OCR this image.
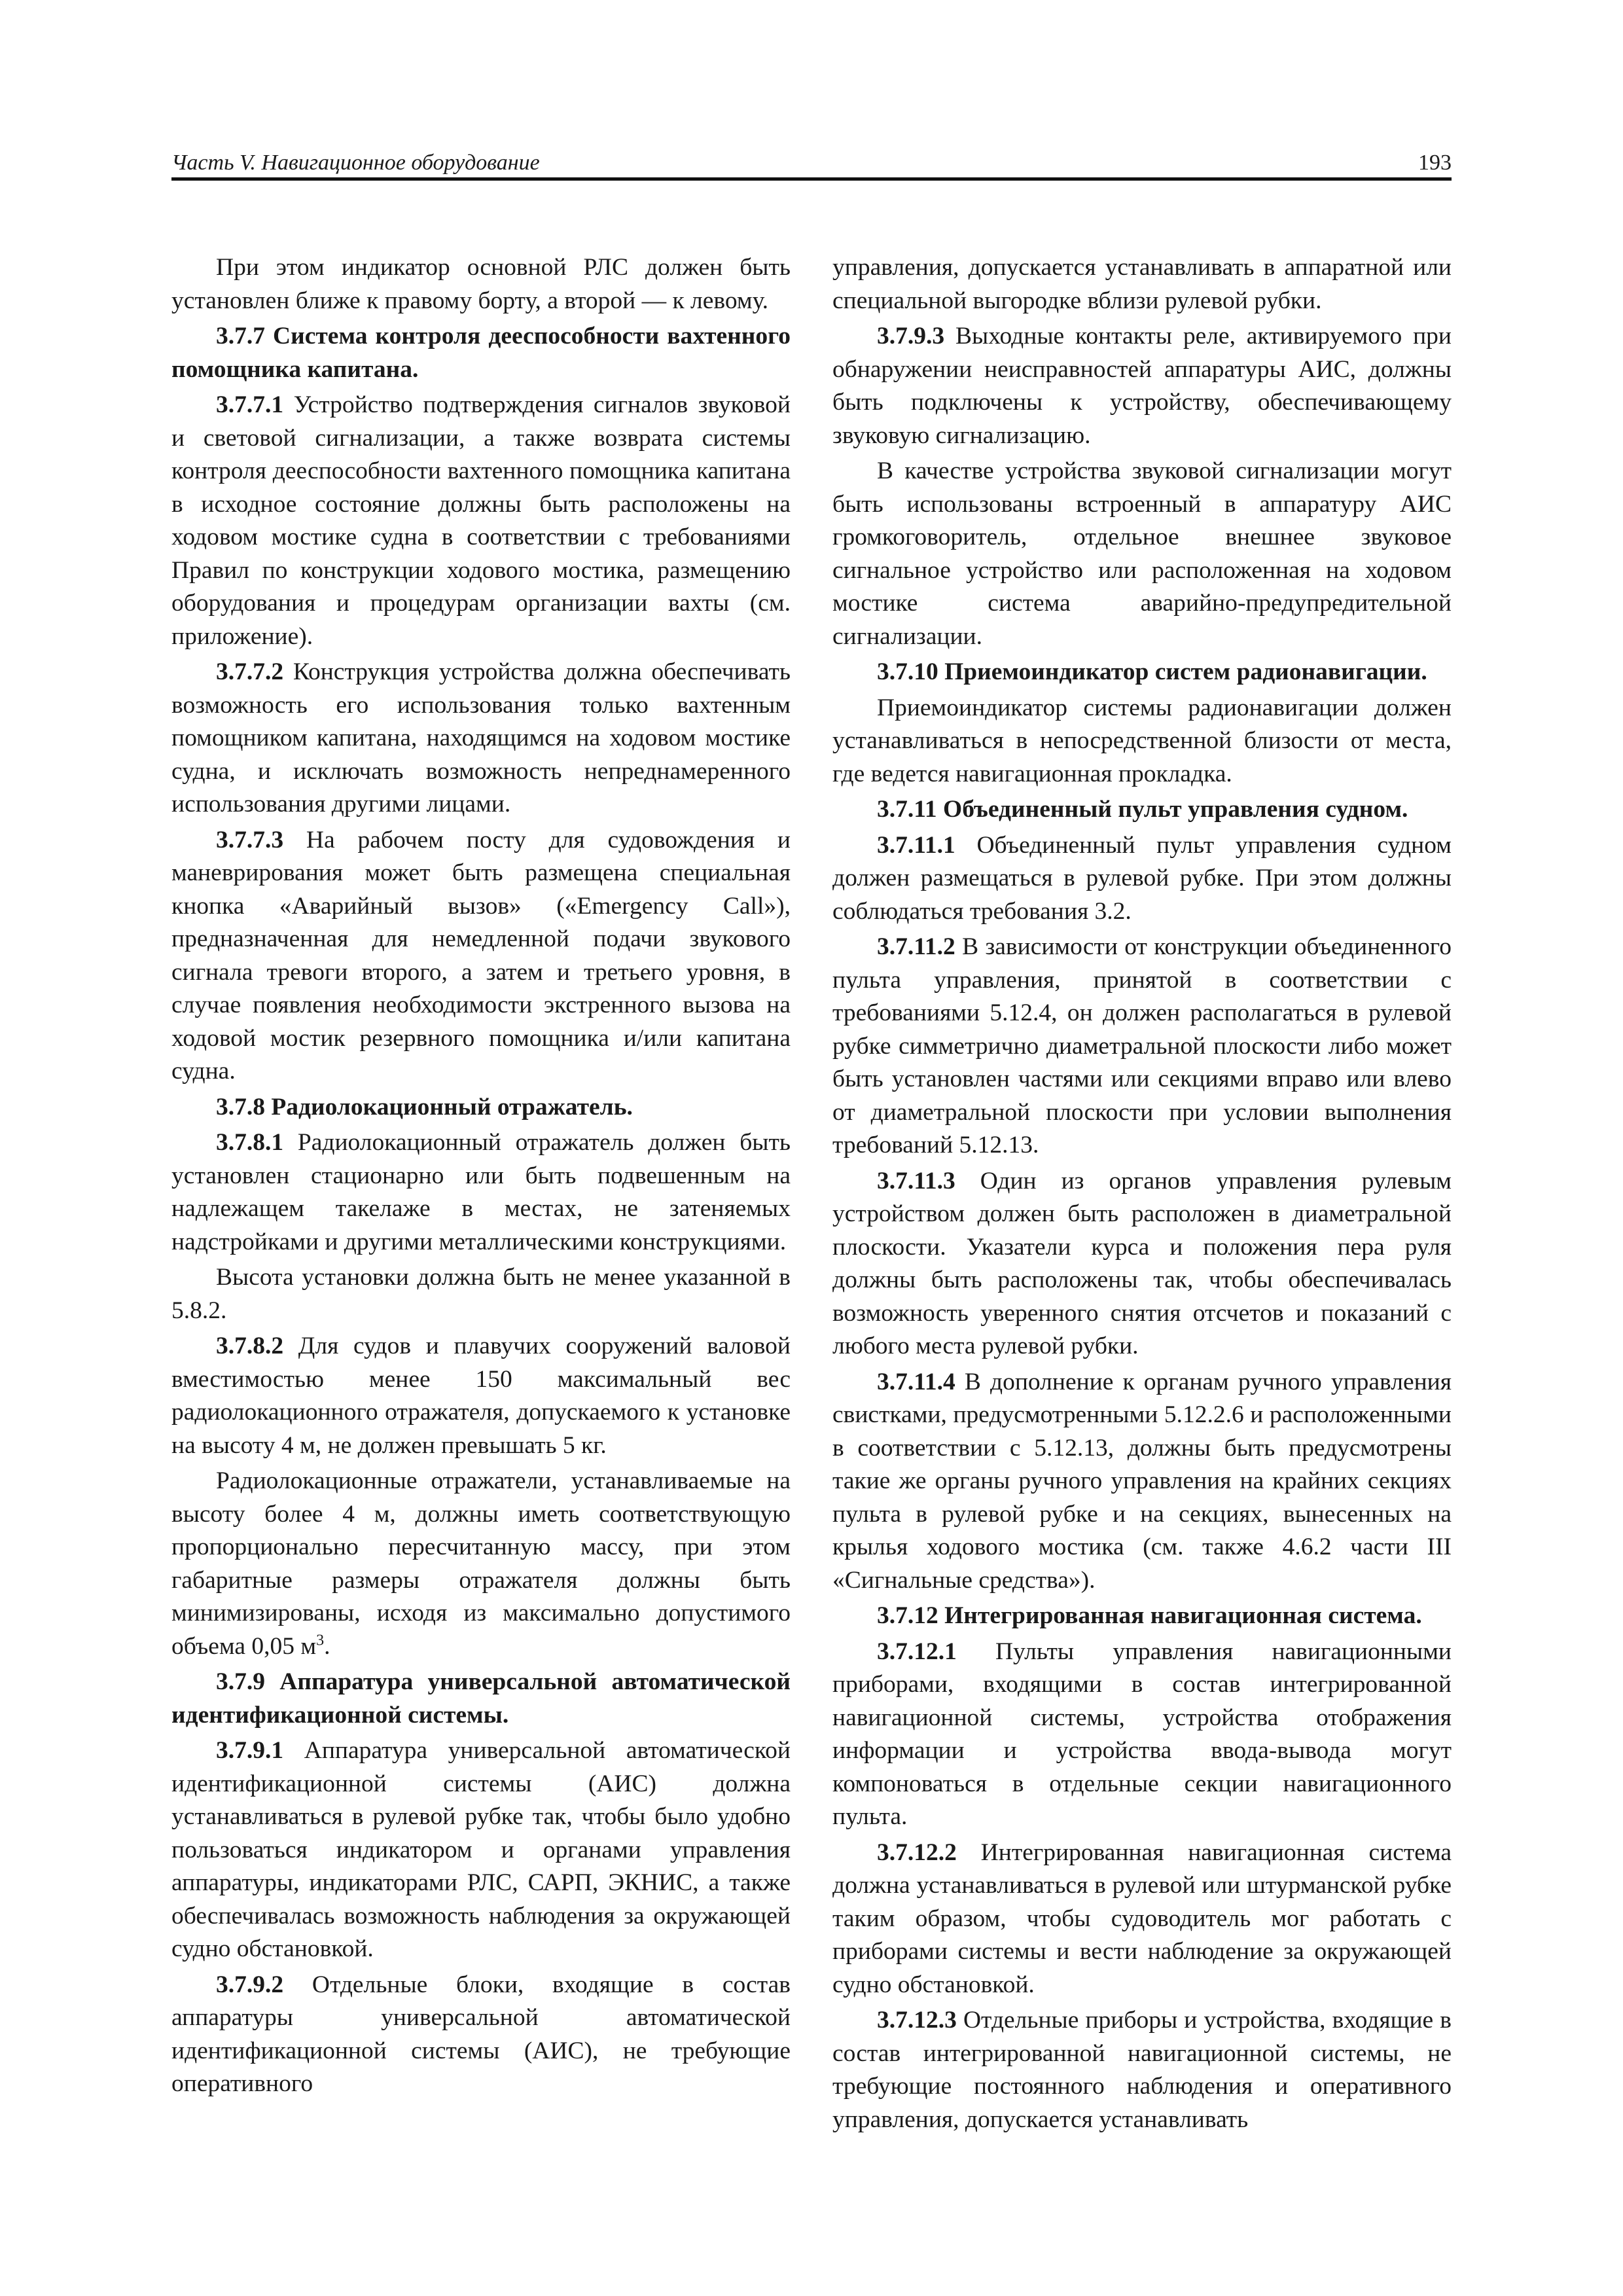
Часть V. Навигационное оборудование	193

При этом индикатор основной РЛС должен быть установлен ближе к правому борту, а второй — к левому.

3.7.7 Система контроля дееспособности вахтенного помощника капитана.

3.7.7.1 Устройство подтверждения сигналов звуковой и световой сигнализации, а также возврата системы контроля дееспособности вахтенного помощника капитана в исходное состояние должны быть расположены на ходовом мостике судна в соответствии с требованиями Правил по конструкции ходового мостика, размещению оборудования и процедурам организации вахты (см. приложение).

3.7.7.2 Конструкция устройства должна обеспечивать возможность его использования только вахтенным помощником капитана, находящимся на ходовом мостике судна, и исключать возможность непреднамеренного использования другими лицами.

3.7.7.3 На рабочем посту для судовождения и маневрирования может быть размещена специальная кнопка «Аварийный вызов» («Emergency Call»), предназначенная для немедленной подачи звукового сигнала тревоги второго, а затем и третьего уровня, в случае появления необходимости экстренного вызова на ходовой мостик резервного помощника и/или капитана судна.

3.7.8 Радиолокационный отражатель.

3.7.8.1 Радиолокационный отражатель должен быть установлен стационарно или быть подвешенным на надлежащем такелаже в местах, не затеняемых надстройками и другими металлическими конструкциями.

Высота установки должна быть не менее указанной в 5.8.2.

3.7.8.2 Для судов и плавучих сооружений валовой вместимостью менее 150 максимальный вес радиолокационного отражателя, допускаемого к установке на высоту 4 м, не должен превышать 5 кг.

Радиолокационные отражатели, устанавливаемые на высоту более 4 м, должны иметь соответствующую пропорционально пересчитанную массу, при этом габаритные размеры отражателя должны быть минимизированы, исходя из максимально допустимого объема 0,05 $м^3$.

3.7.9 Аппаратура универсальной автоматической идентификационной системы.

3.7.9.1 Аппаратура универсальной автоматической идентификационной системы (АИС) должна устанавливаться в рулевой рубке так, чтобы было удобно пользоваться индикатором и органами управления аппаратуры, индикаторами РЛС, САРП, ЭКНИС, а также обеспечивалась возможность наблюдения за окружающей судно обстановкой.

3.7.9.2 Отдельные блоки, входящие в состав аппаратуры универсальной автоматической идентификационной системы (АИС), не требующие оперативного

управления, допускается устанавливать в аппаратной или специальной выгородке вблизи рулевой рубки.

3.7.9.3 Выходные контакты реле, активируемого при обнаружении неисправностей аппаратуры АИС, должны быть подключены к устройству, обеспечивающему звуковую сигнализацию.

В качестве устройства звуковой сигнализации могут быть использованы встроенный в аппаратуру АИС громкоговоритель, отдельное внешнее звуковое сигнальное устройство или расположенная на ходовом мостике система аварийно-предупредительной сигнализации.

3.7.10 Приемоиндикатор систем радионавигации.

Приемоиндикатор системы радионавигации должен устанавливаться в непосредственной близости от места, где ведется навигационная прокладка.

3.7.11 Объединенный пульт управления судном.

3.7.11.1 Объединенный пульт управления судном должен размещаться в рулевой рубке. При этом должны соблюдаться требования 3.2.

3.7.11.2 В зависимости от конструкции объединенного пульта управления, принятой в соответствии с требованиями 5.12.4, он должен располагаться в рулевой рубке симметрично диаметральной плоскости либо может быть установлен частями или секциями вправо или влево от диаметральной плоскости при условии выполнения требований 5.12.13.

3.7.11.3 Один из органов управления рулевым устройством должен быть расположен в диаметральной плоскости. Указатели курса и положения пера руля должны быть расположены так, чтобы обеспечивалась возможность уверенного снятия отсчетов и показаний с любого места рулевой рубки.

3.7.11.4 В дополнение к органам ручного управления свистками, предусмотренными 5.12.2.6 и расположенными в соответствии с 5.12.13, должны быть предусмотрены такие же органы ручного управления на крайних секциях пульта в рулевой рубке и на секциях, вынесенных на крылья ходового мостика (см. также 4.6.2 части III «Сигнальные средства»).

3.7.12 Интегрированная навигационная система.

3.7.12.1 Пульты управления навигационными приборами, входящими в состав интегрированной навигационной системы, устройства отображения информации и устройства ввода-вывода могут компоноваться в отдельные секции навигационного пульта.

3.7.12.2 Интегрированная навигационная система должна устанавливаться в рулевой или штурманской рубке таким образом, чтобы судоводитель мог работать с приборами системы и вести наблюдение за окружающей судно обстановкой.

3.7.12.3 Отдельные приборы и устройства, входящие в состав интегрированной навигационной системы, не требующие постоянного наблюдения и оперативного управления, допускается устанавливать
